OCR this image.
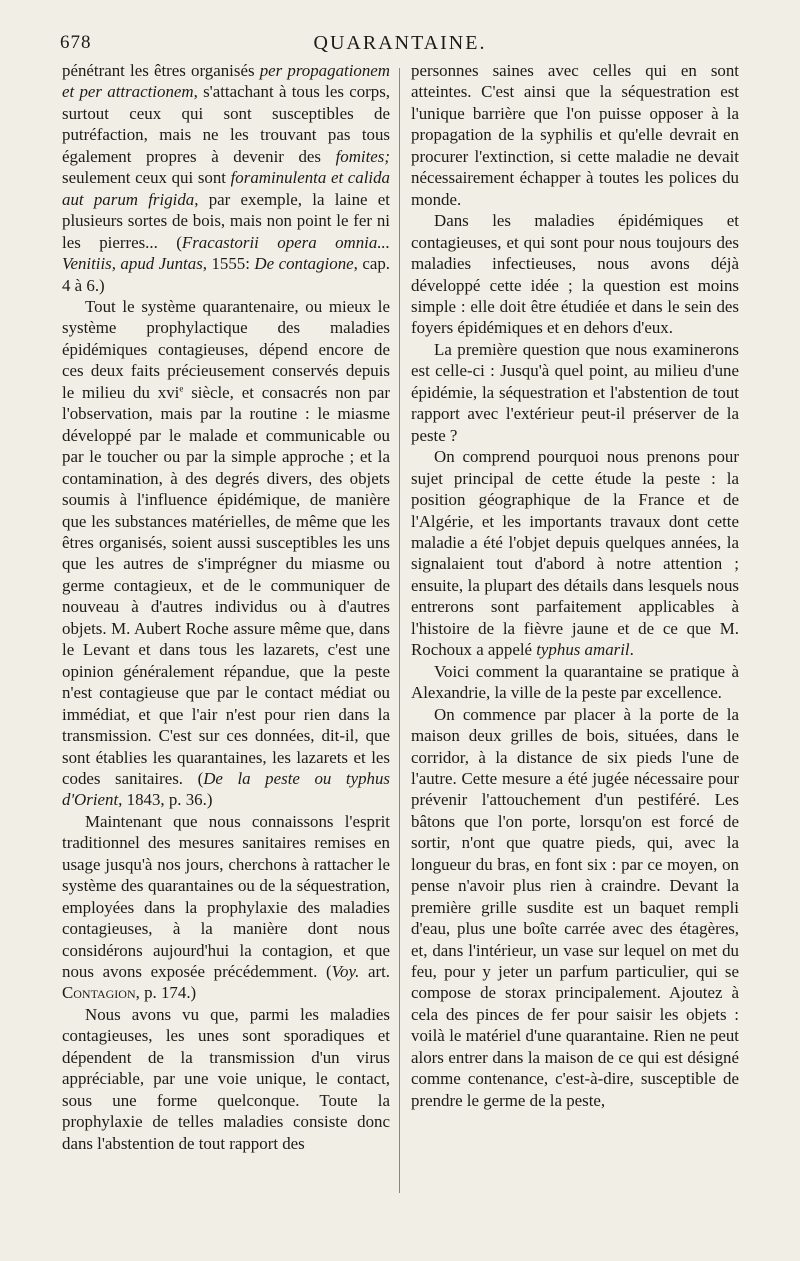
678	QUARANTAINE.

pénétrant les êtres organisés per propagationem et per attractionem, s'attachant à tous les corps, surtout ceux qui sont susceptibles de putréfaction, mais ne les trouvant pas tous également propres à devenir des fomites; seulement ceux qui sont foraminulenta et calida aut parum frigida, par exemple, la laine et plusieurs sortes de bois, mais non point le fer ni les pierres... (Fracastorii opera omnia... Venitiis, apud Juntas, 1555: De contagione, cap. 4 à 6.)

Tout le système quarantenaire, ou mieux le système prophylactique des maladies épidémiques contagieuses, dépend encore de ces deux faits précieusement conservés depuis le milieu du xvi$^e$ siècle, et consacrés non par l'observation, mais par la routine : le miasme développé par le malade et communicable ou par le toucher ou par la simple approche ; et la contamination, à des degrés divers, des objets soumis à l'influence épidémique, de manière que les substances matérielles, de même que les êtres organisés, soient aussi susceptibles les uns que les autres de s'imprégner du miasme ou germe contagieux, et de le communiquer de nouveau à d'autres individus ou à d'autres objets. M. Aubert Roche assure même que, dans le Levant et dans tous les lazarets, c'est une opinion généralement répandue, que la peste n'est contagieuse que par le contact médiat ou immédiat, et que l'air n'est pour rien dans la transmission. C'est sur ces données, dit-il, que sont établies les quarantaines, les lazarets et les codes sanitaires. (De la peste ou typhus d'Orient, 1843, p. 36.)

Maintenant que nous connaissons l'esprit traditionnel des mesures sanitaires remises en usage jusqu'à nos jours, cherchons à rattacher le système des quarantaines ou de la séquestration, employées dans la prophylaxie des maladies contagieuses, à la manière dont nous considérons aujourd'hui la contagion, et que nous avons exposée précédemment. (Voy. art. Contagion, p. 174.)

Nous avons vu que, parmi les maladies contagieuses, les unes sont sporadiques et dépendent de la transmission d'un virus appréciable, par une voie unique, le contact, sous une forme quelconque. Toute la prophylaxie de telles maladies consiste donc dans l'abstention de tout rapport des

personnes saines avec celles qui en sont atteintes. C'est ainsi que la séquestration est l'unique barrière que l'on puisse opposer à la propagation de la syphilis et qu'elle devrait en procurer l'extinction, si cette maladie ne devait nécessairement échapper à toutes les polices du monde.

Dans les maladies épidémiques et contagieuses, et qui sont pour nous toujours des maladies infectieuses, nous avons déjà développé cette idée ; la question est moins simple : elle doit être étudiée et dans le sein des foyers épidémiques et en dehors d'eux.

La première question que nous examinerons est celle-ci : Jusqu'à quel point, au milieu d'une épidémie, la séquestration et l'abstention de tout rapport avec l'extérieur peut-il préserver de la peste ?

On comprend pourquoi nous prenons pour sujet principal de cette étude la peste : la position géographique de la France et de l'Algérie, et les importants travaux dont cette maladie a été l'objet depuis quelques années, la signalaient tout d'abord à notre attention ; ensuite, la plupart des détails dans lesquels nous entrerons sont parfaitement applicables à l'histoire de la fièvre jaune et de ce que M. Rochoux a appelé typhus amaril.

Voici comment la quarantaine se pratique à Alexandrie, la ville de la peste par excellence.

On commence par placer à la porte de la maison deux grilles de bois, situées, dans le corridor, à la distance de six pieds l'une de l'autre. Cette mesure a été jugée nécessaire pour prévenir l'attouchement d'un pestiféré. Les bâtons que l'on porte, lorsqu'on est forcé de sortir, n'ont que quatre pieds, qui, avec la longueur du bras, en font six : par ce moyen, on pense n'avoir plus rien à craindre. Devant la première grille susdite est un baquet rempli d'eau, plus une boîte carrée avec des étagères, et, dans l'intérieur, un vase sur lequel on met du feu, pour y jeter un parfum particulier, qui se compose de storax principalement. Ajoutez à cela des pinces de fer pour saisir les objets : voilà le matériel d'une quarantaine. Rien ne peut alors entrer dans la maison de ce qui est désigné comme contenance, c'est-à-dire, susceptible de prendre le germe de la peste,
